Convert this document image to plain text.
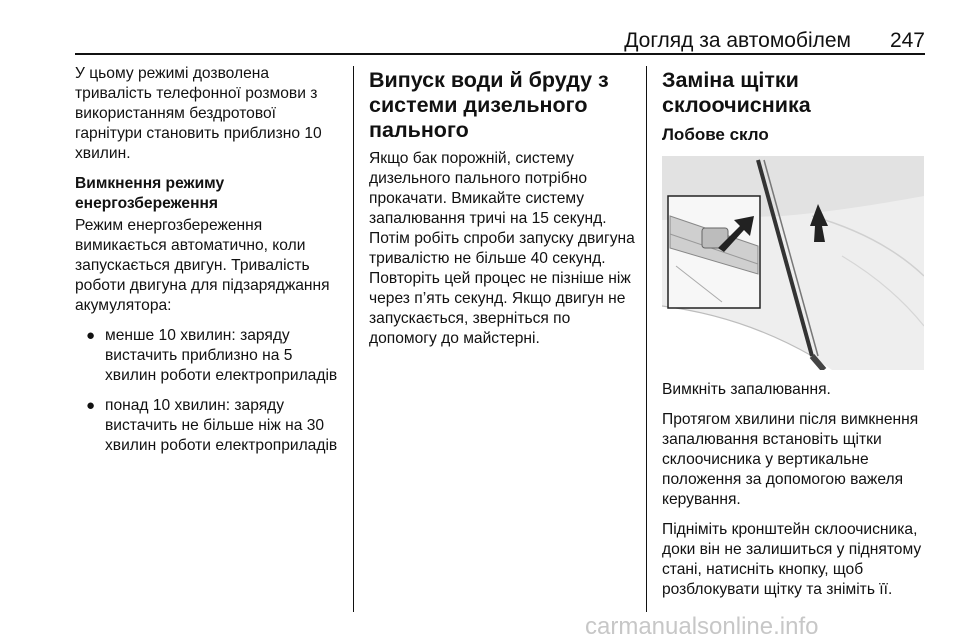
Догляд за автомобілем 247

У цьому режимі дозволена тривалість телефонної розмови з використанням бездротової гарнітури становить приблизно 10 хвилин.

Вимкнення режиму енергозбереження

Режим енергозбереження вимикається автоматично, коли запускається двигун. Тривалість роботи двигуна для підзаряджання акумулятора:

● менше 10 хвилин: заряду вистачить приблизно на 5 хвилин роботи електроприладів
● понад 10 хвилин: заряду вистачить не більше ніж на 30 хвилин роботи електроприладів
Випуск води й бруду з системи дизельного пального

Якщо бак порожній, систему дизельного пального потрібно прокачати. Вмикайте систему запалювання тричі на 15 секунд. Потім робіть спроби запуску двигуна тривалістю не більше 40 секунд. Повторіть цей процес не пізніше ніж через п’ять секунд. Якщо двигун не запускається, зверніться по допомогу до майстерні.

Заміна щітки склоочисника
Лобове скло

Вимкніть запалювання.

Протягом хвилини після вимкнення запалювання встановіть щітки склоочисника у вертикальне положення за допомогою важеля керування.

Підніміть кронштейн склоочисника, доки він не залишиться у піднятому стані, натисніть кнопку, щоб розблокувати щітку та зніміть її.

carmanualsonline.info
